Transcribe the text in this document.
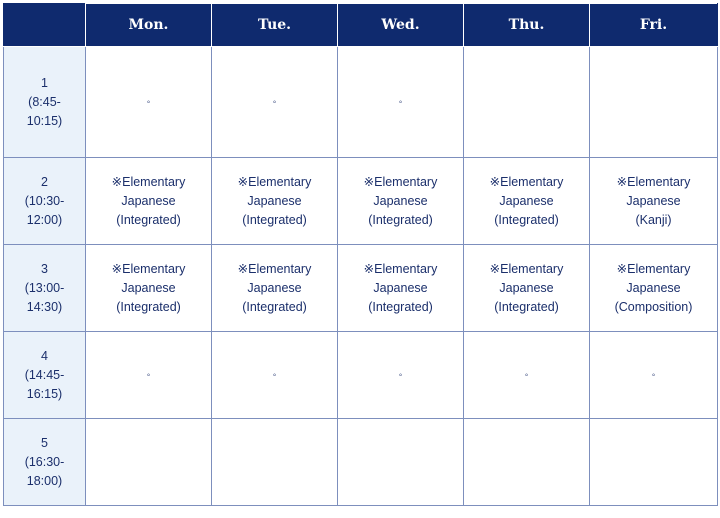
	Mon.	Tue.	Wed.	Thu.	Fri.

1
(8:45-
10:15)	◦	◦	◦		

2
(10:30-
12:00)	※Elementary
Japanese
(Integrated)	※Elementary
Japanese
(Integrated)	※Elementary
Japanese
(Integrated)	※Elementary
Japanese
(Integrated)	※Elementary
Japanese
(Kanji)

3
(13:00-
14:30)	※Elementary
Japanese
(Integrated)	※Elementary
Japanese
(Integrated)	※Elementary
Japanese
(Integrated)	※Elementary
Japanese
(Integrated)	※Elementary
Japanese
(Composition)

4
(14:45-
16:15)	◦	◦	◦	◦	◦

5
(16:30-
18:00)					
